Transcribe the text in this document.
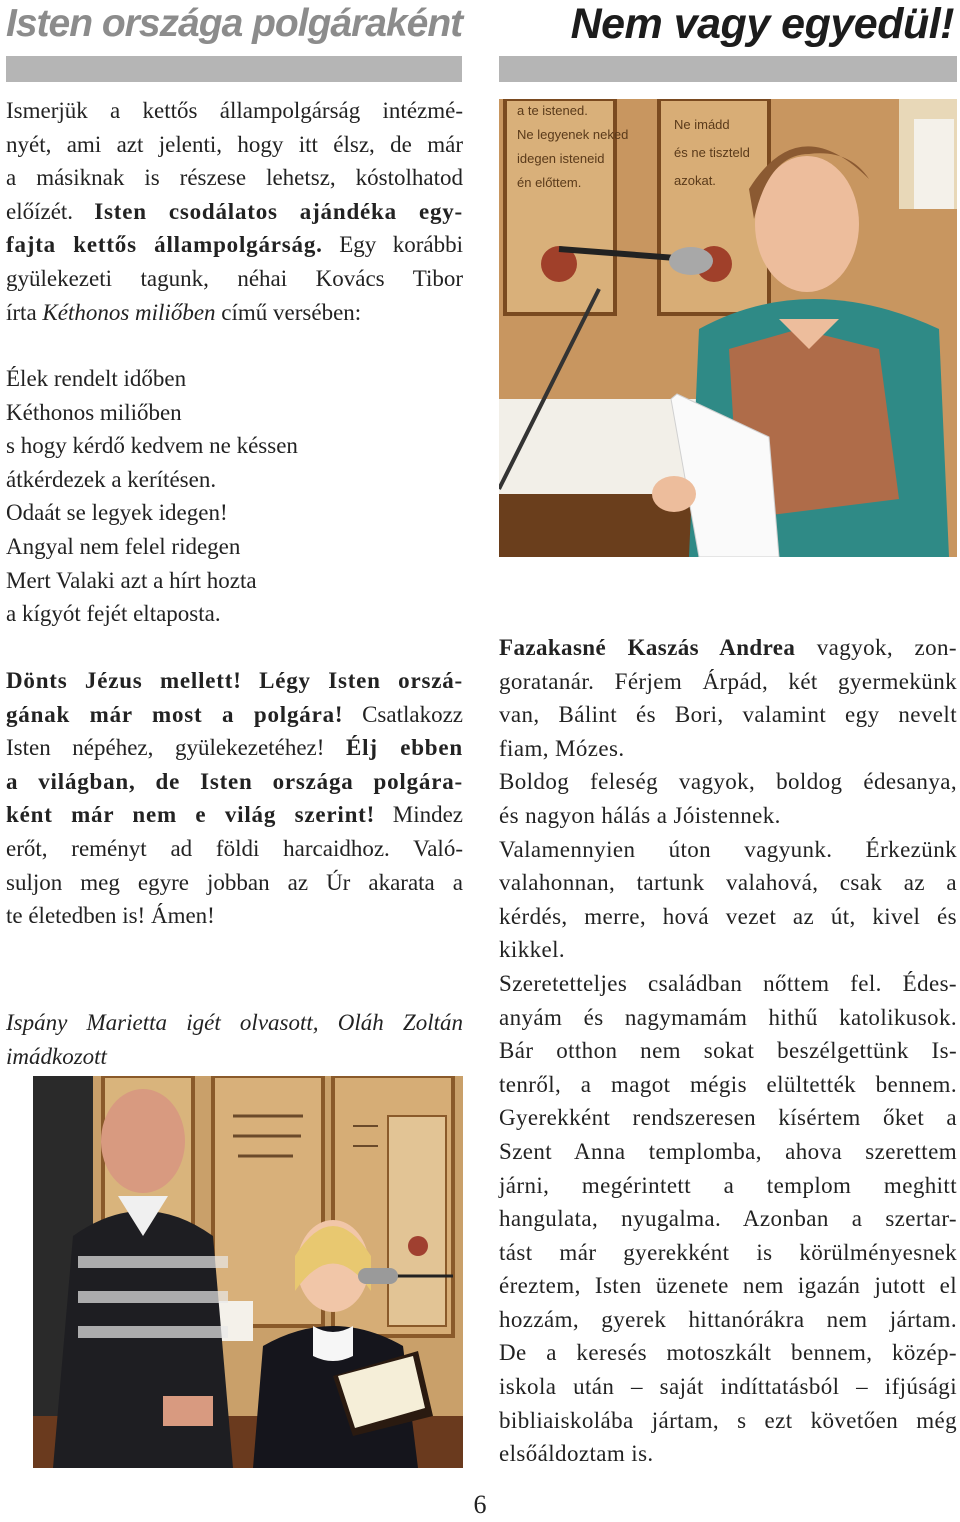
Isten országa polgáraként	Nem vagy egyedül!
Ismerjük a kettős állampolgárság intézmé-
nyét, ami azt jelenti, hogy itt élsz, de már
a másiknak is részese lehetsz, kóstolhatod
előízét. Isten csodálatos ajándéka egy-
fajta kettős állampolgárság. Egy korábbi
gyülekezeti tagunk, néhai Kovács Tibor
írta Kéthonos miliőben című versében:
Élek rendelt időben
Kéthonos miliőben
s hogy kérdő kedvem ne késsen
átkérdezek a kerítésen.
Odaát se legyek idegen!
Angyal nem felel ridegen
Mert Valaki azt a hírt hozta
a kígyót fejét eltaposta.
Dönts Jézus mellett! Légy Isten orszá-
gának már most a polgára! Csatlakozz
Isten népéhez, gyülekezetéhez! Élj ebben
a világban, de Isten országa polgára-
ként már nem e világ szerint! Mindez
erőt, reményt ad földi harcaidhoz. Való-
suljon meg egyre jobban az Úr akarata a
te életedben is! Ámen!
Ispány Marietta igét olvasott, Oláh Zoltán
imádkozott
a te istened.
Ne legyenek neked
idegen isteneid
én előttem.
Ne imádd
és ne tiszteld
azokat.
Fazakasné Kaszás Andrea vagyok, zon-
goratanár. Férjem Árpád, két gyermekünk
van, Bálint és Bori, valamint egy nevelt
fiam, Mózes.
Boldog feleség vagyok, boldog édesanya,
és nagyon hálás a Jóistennek.
Valamennyien úton vagyunk. Érkezünk
valahonnan, tartunk valahová, csak az a
kérdés, merre, hová vezet az út, kivel és
kikkel.
Szeretetteljes családban nőttem fel. Édes-
anyám és nagymamám hithű katolikusok.
Bár otthon nem sokat beszélgettünk Is-
tenről, a magot mégis elültették bennem.
Gyerekként rendszeresen kísértem őket a
Szent Anna templomba, ahova szerettem
járni, megérintett a templom meghitt
hangulata, nyugalma. Azonban a szertar-
tást már gyerekként is körülményesnek
éreztem, Isten üzenete nem igazán jutott el
hozzám, gyerek hittanórákra nem jártam.
De a keresés motoszkált bennem, közép-
iskola után – saját indíttatásból – ifjúsági
bibliaiskolába jártam, s ezt követően még
elsőáldoztam is.
6
